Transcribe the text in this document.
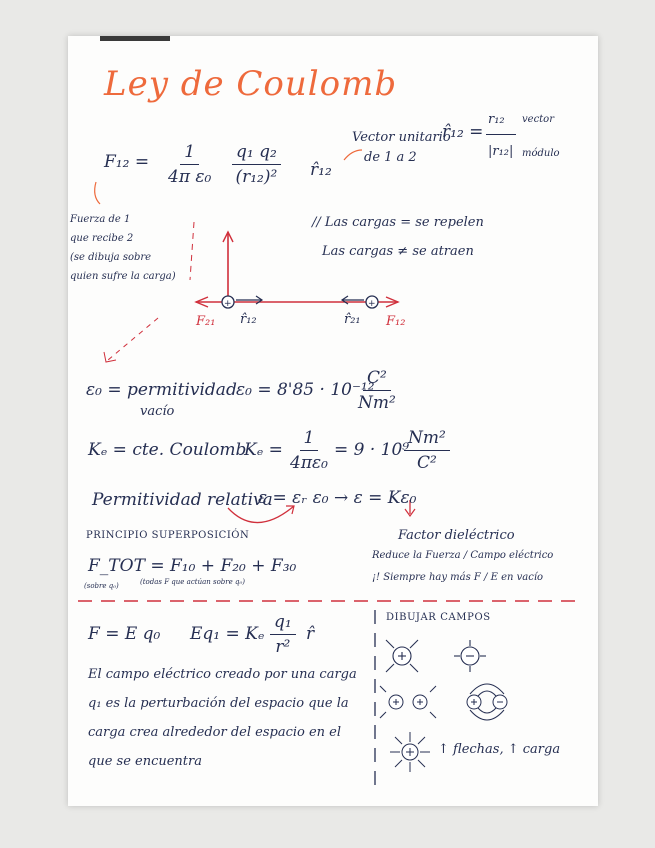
+	+
Ley de Coulomb
$F_{12} = \frac{1}{\text{4π ε₀}} \frac{\text{q₁ q₂}}{\text{(r₁₂)²}}$ r̂₁₂
Vector unitario
de 1 a 2
r̂₁₂ =
r₁₂
|r₁₂|
vector
módulo
Fuerza de 1
que recibe 2
(se dibuja sobre
quien sufre la carga)
// Las cargas = se repelen
Las cargas ≠ se atraen
F₂₁ r̂₁₂	r̂₂₁ F₁₂
ε₀ = permitividad
vacío
ε₀ = 8'85 · 10⁻¹²
$\frac{\text{C²}}{\text{Nm²}}$
Kₑ = cte. Coulomb
$K_e = \frac{1}{\text{4πε₀}} = 9 \cdot 10^9$
$\frac{\text{Nm²}}{\text{C²}}$
Permitividad relativa
ε = εᵣ ε₀ → ε = Kε₀
Factor dieléctrico
Reduce la Fuerza / Campo eléctrico
¡! Siempre hay más F / E en vacío
PRINCIPIO SUPERPOSICIÓN
F_TOT = F₁₀ + F₂₀ + F₃₀
(sobre q₀)	(todas F que actúan sobre q₀)
F = E q₀ Eq₁ = Kₑ $\frac{\text{q₁}}{\text{r²}}$ r̂
El campo eléctrico creado por una carga
q₁ es la perturbación del espacio que la
carga crea alrededor del espacio en el
que se encuentra
DIBUJAR CAMPOS
↑ flechas, ↑ carga
